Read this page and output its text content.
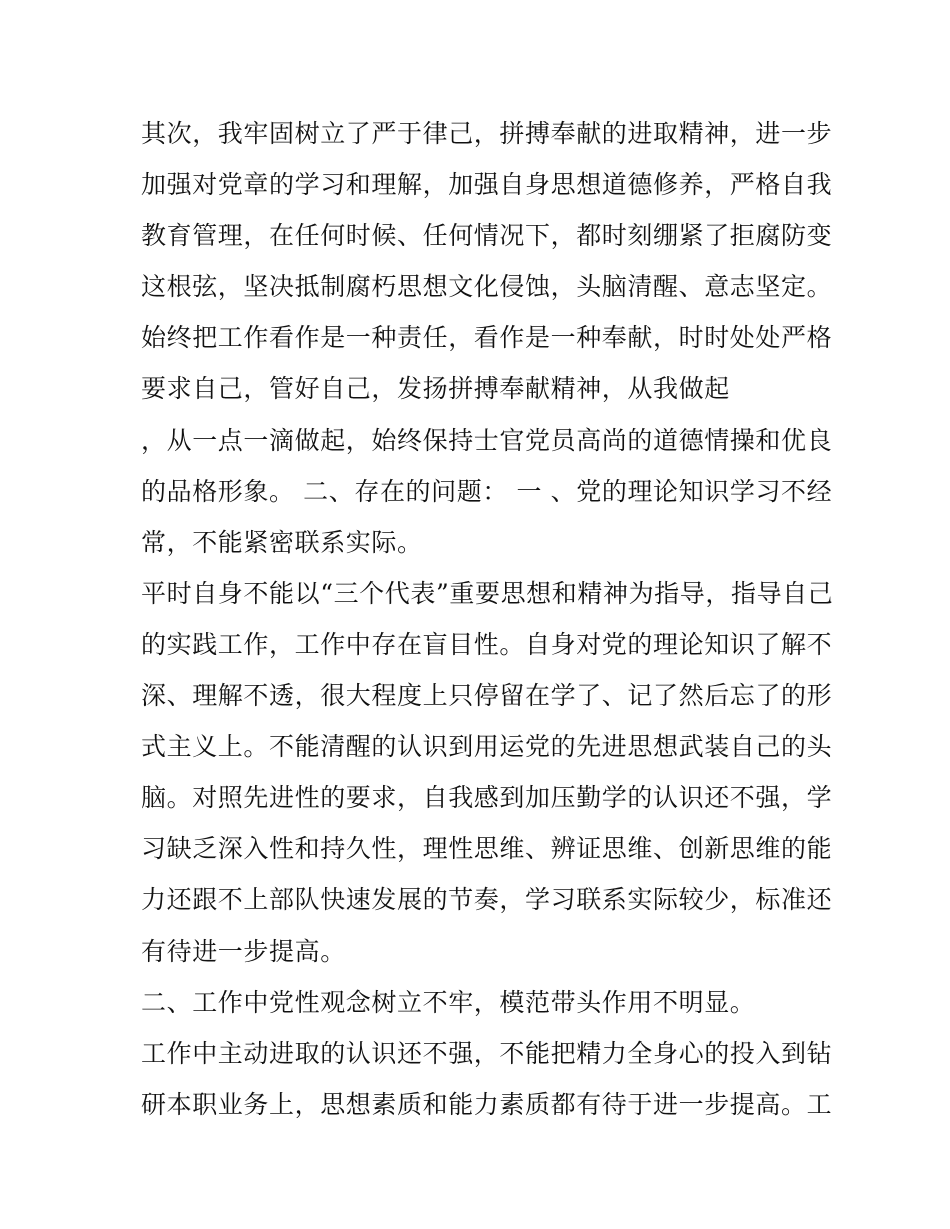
其次，我牢固树立了严于律己，拼搏奉献的进取精神，进一步
加强对党章的学习和理解，加强自身思想道德修养，严格自我
教育管理，在任何时候、任何情况下，都时刻绷紧了拒腐防变
这根弦，坚决抵制腐朽思想文化侵蚀，头脑清醒、意志坚定。
始终把工作看作是一种责任，看作是一种奉献，时时处处严格
要求自己，管好自己，发扬拼搏奉献精神，从我做起
，从一点一滴做起，始终保持士官党员高尚的道德情操和优良
的品格形象。 二、存在的问题： 一 、党的理论知识学习不经
常，不能紧密联系实际。
平时自身不能以“三个代表”重要思想和精神为指导，指导自己
的实践工作，工作中存在盲目性。自身对党的理论知识了解不
深、理解不透，很大程度上只停留在学了、记了然后忘了的形
式主义上。不能清醒的认识到用运党的先进思想武装自己的头
脑。对照先进性的要求，自我感到加压勤学的认识还不强，学
习缺乏深入性和持久性，理性思维、辨证思维、创新思维的能
力还跟不上部队快速发展的节奏，学习联系实际较少，标准还
有待进一步提高。
二、工作中党性观念树立不牢，模范带头作用不明显。
工作中主动进取的认识还不强，不能把精力全身心的投入到钻
研本职业务上，思想素质和能力素质都有待于进一步提高。工
